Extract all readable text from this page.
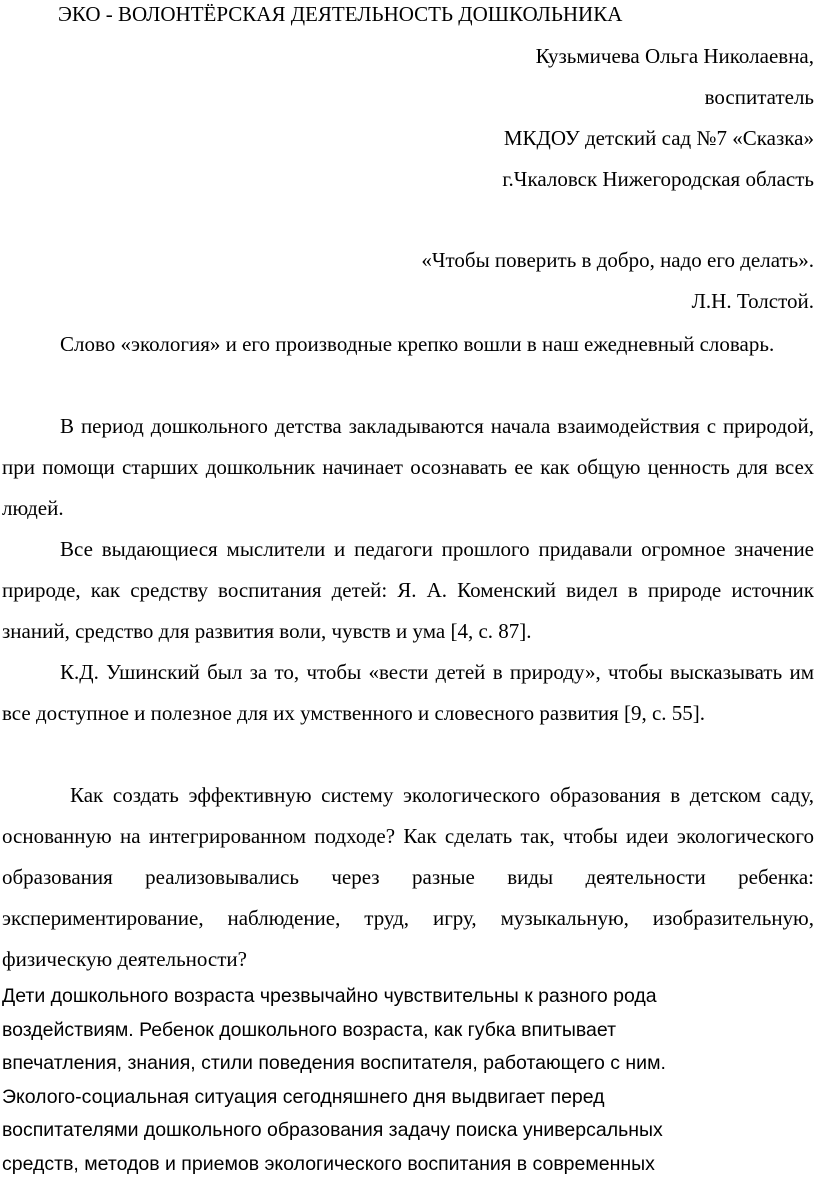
ЭКО - ВОЛОНТЁРСКАЯ ДЕЯТЕЛЬНОСТЬ ДОШКОЛЬНИКА
Кузьмичева Ольга Николаевна,
воспитатель
МКДОУ детский сад №7 «Сказка»
г.Чкаловск Нижегородская область
«Чтобы поверить в добро, надо его делать».
Л.Н. Толстой.

Слово «экология» и его производные крепко вошли в наш ежедневный словарь.

В период дошкольного детства закладываются начала взаимодействия с природой, при помощи старших дошкольник начинает осознавать ее как общую ценность для всех людей.

Все выдающиеся мыслители и педагоги прошлого придавали огромное значение природе, как средству воспитания детей: Я. А. Коменский видел в природе источник знаний, средство для развития воли, чувств и ума [4, с. 87].

К.Д. Ушинский был за то, чтобы «вести детей в природу», чтобы высказывать им все доступное и полезное для их умственного и словесного развития [9, с. 55].

Как создать эффективную систему экологического образования в детском саду, основанную на интегрированном подходе? Как сделать так, чтобы идеи экологического образования реализовывались через разные виды деятельности ребенка: экспериментирование, наблюдение, труд, игру, музыкальную, изобразительную, физическую деятельности?

Дети дошкольного возраста чрезвычайно чувствительны к разного рода
воздействиям. Ребенок дошкольного возраста, как губка впитывает
впечатления, знания, стили поведения воспитателя, работающего с ним.
Эколого-социальная ситуация сегодняшнего дня выдвигает перед
воспитателями дошкольного образования задачу поиска универсальных
средств, методов и приемов экологического воспитания в современных
